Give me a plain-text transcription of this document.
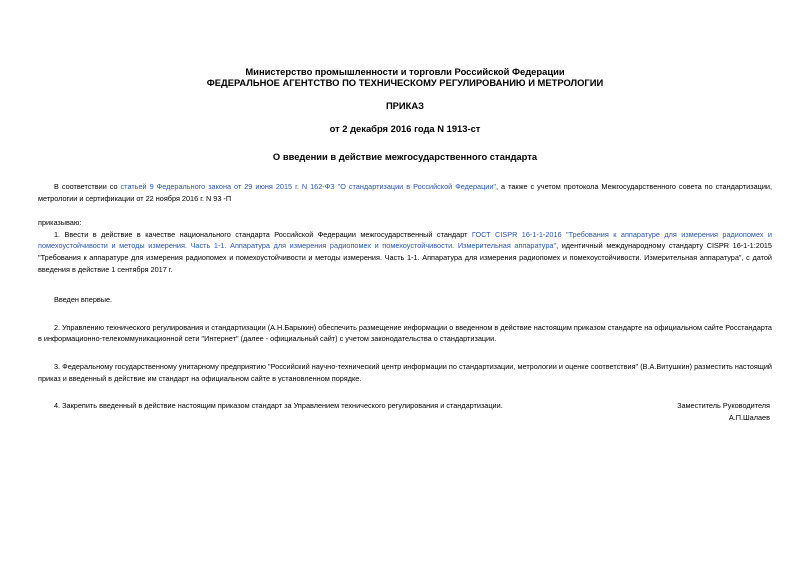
Министерство промышленности и торговли Российской Федерации

ФЕДЕРАЛЬНОЕ АГЕНТСТВО ПО ТЕХНИЧЕСКОМУ РЕГУЛИРОВАНИЮ И МЕТРОЛОГИИ

ПРИКАЗ

от 2 декабря 2016 года N 1913-ст

О введении в действие межгосударственного стандарта

В соответствии со статьей 9 Федерального закона от 29 июня 2015 г. N 162-ФЗ "О стандартизации в Российской Федерации", а также с учетом протокола Межгосударственного совета по стандартизации, метрологии и сертификации от 22 ноября 2016 г. N 93 -П

приказываю:

1. Ввести в действие в качестве национального стандарта Российской Федерации межгосударственный стандарт ГОСТ CISPR 16-1-1-2016 "Требования к аппаратуре для измерения радиопомех и помехоустойчивости и методы измерения. Часть 1-1. Аппаратура для измерения радиопомех и помехоустойчивости. Измерительная аппаратура", идентичный международному стандарту CISPR 16-1-1:2015 "Требования к аппаратуре для измерения радиопомех и помехоустойчивости и методы измерения. Часть 1-1. Аппаратура для измерения радиопомех и помехоустойчивости. Измерительная аппаратура", с датой введения в действие 1 сентября 2017 г.

Введен впервые.

2. Управлению технического регулирования и стандартизации (А.Н.Барыкин) обеспечить размещение информации о введенном в действие настоящим приказом стандарте на официальном сайте Росстандарта в информационно-телекоммуникационной сети "Интернет" (далее - официальный сайт) с учетом законодательства о стандартизации.

3. Федеральному государственному унитарному предприятию "Российский научно-технический центр информации по стандартизации, метрологии и оценке соответствия" (В.А.Витушкин) разместить настоящий приказ и введенный в действие им стандарт на официальном сайте в установленном порядке.

4. Закрепить введенный в действие настоящим приказом стандарт за Управлением технического регулирования и стандартизации.	Заместитель Руководителя
А.П.Шалаев
